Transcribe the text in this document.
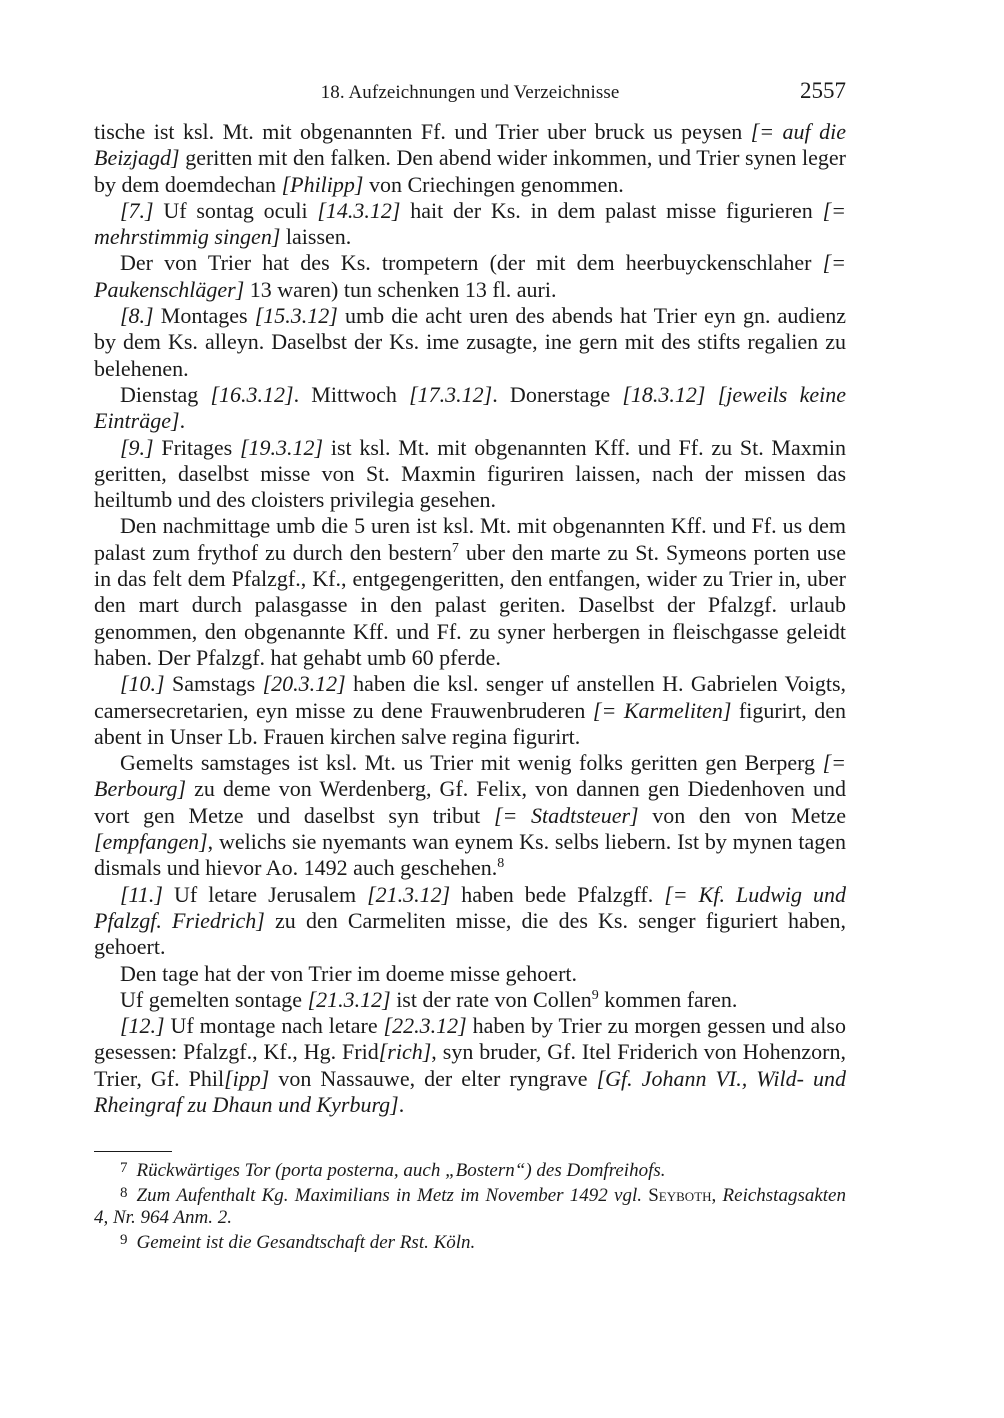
18. Aufzeichnungen und Verzeichnisse	2557

tische ist ksl. Mt. mit obgenannten Ff. und Trier uber bruck us peysen [= auf die Beizjagd] geritten mit den falken. Den abend wider inkommen, und Trier synen leger by dem doemdechan [Philipp] von Criechingen genommen.

[7.] Uf sontag oculi [14.3.12] hait der Ks. in dem palast misse figurieren [= mehrstimmig singen] laissen.

Der von Trier hat des Ks. trompetern (der mit dem heerbuyckenschlaher [= Paukenschläger] 13 waren) tun schenken 13 fl. auri.

[8.] Montages [15.3.12] umb die acht uren des abends hat Trier eyn gn. audienz by dem Ks. alleyn. Daselbst der Ks. ime zusagte, ine gern mit des stifts regalien zu belehenen.

Dienstag [16.3.12]. Mittwoch [17.3.12]. Donerstage [18.3.12] [jeweils keine Einträge].

[9.] Fritages [19.3.12] ist ksl. Mt. mit obgenannten Kff. und Ff. zu St. Maxmin geritten, daselbst misse von St. Maxmin figuriren laissen, nach der missen das heiltumb und des cloisters privilegia gesehen.

Den nachmittage umb die 5 uren ist ksl. Mt. mit obgenannten Kff. und Ff. us dem palast zum frythof zu durch den bestern$^7$ uber den marte zu St. Symeons porten use in das felt dem Pfalzgf., Kf., entgegengeritten, den entfangen, wider zu Trier in, uber den mart durch palasgasse in den palast geriten. Daselbst der Pfalzgf. urlaub genommen, den obgenannte Kff. und Ff. zu syner herbergen in fleischgasse geleidt haben. Der Pfalzgf. hat gehabt umb 60 pferde.

[10.] Samstags [20.3.12] haben die ksl. senger uf anstellen H. Gabrielen Voigts, camersecretarien, eyn misse zu dene Frauwenbruderen [= Karmeliten] figurirt, den abent in Unser Lb. Frauen kirchen salve regina figurirt.

Gemelts samstages ist ksl. Mt. us Trier mit wenig folks geritten gen Berperg [= Berbourg] zu deme von Werdenberg, Gf. Felix, von dannen gen Diedenhoven und vort gen Metze und daselbst syn tribut [= Stadtsteuer] von den von Metze [empfangen], welichs sie nyemants wan eynem Ks. selbs liebern. Ist by mynen tagen dismals und hievor Ao. 1492 auch geschehen.$^8$

[11.] Uf letare Jerusalem [21.3.12] haben bede Pfalzgff. [= Kf. Ludwig und Pfalzgf. Friedrich] zu den Carmeliten misse, die des Ks. senger figuriert haben, gehoert.

Den tage hat der von Trier im doeme misse gehoert.

Uf gemelten sontage [21.3.12] ist der rate von Collen$^9$ kommen faren.

[12.] Uf montage nach letare [22.3.12] haben by Trier zu morgen gessen und also gesessen: Pfalzgf., Kf., Hg. Frid[rich], syn bruder, Gf. Itel Friderich von Hohenzorn, Trier, Gf. Phil[ipp] von Nassauwe, der elter ryngrave [Gf. Johann VI., Wild- und Rheingraf zu Dhaun und Kyrburg].

$^7$ Rückwärtiges Tor (porta posterna, auch „Bostern“) des Domfreihofs.

$^8$ Zum Aufenthalt Kg. Maximilians in Metz im November 1492 vgl. Seyboth, Reichstagsakten 4, Nr. 964 Anm. 2.

$^9$ Gemeint ist die Gesandtschaft der Rst. Köln.
